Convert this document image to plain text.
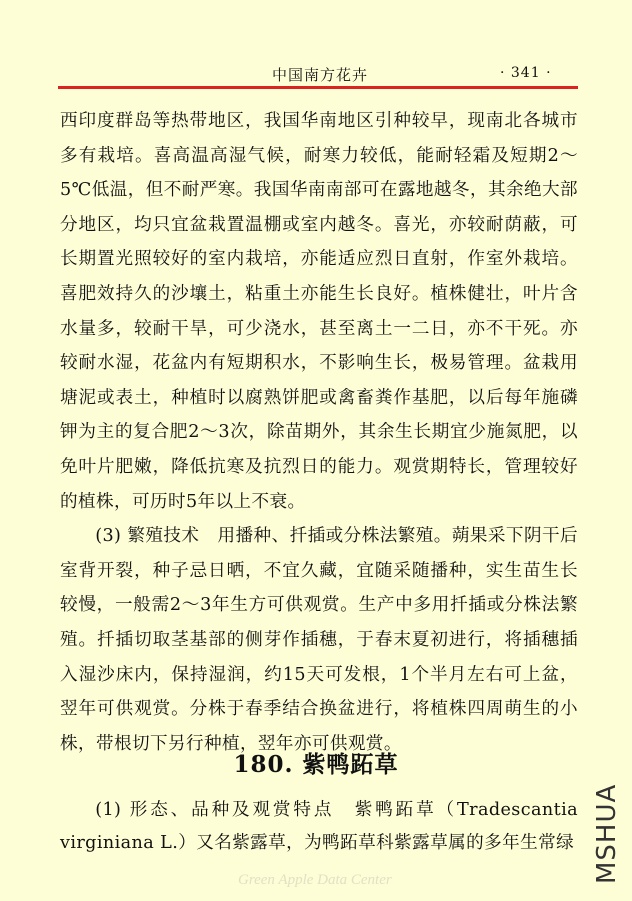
中国南方花卉	· 341 ·

西印度群岛等热带地区，我国华南地区引种较早，现南北各城市多有栽培。喜高温高湿气候，耐寒力较低，能耐轻霜及短期2～5℃低温，但不耐严寒。我国华南南部可在露地越冬，其余绝大部分地区，均只宜盆栽置温棚或室内越冬。喜光，亦较耐荫蔽，可长期置光照较好的室内栽培，亦能适应烈日直射，作室外栽培。喜肥效持久的沙壤土，粘重土亦能生长良好。植株健壮，叶片含水量多，较耐干旱，可少浇水，甚至离土一二日，亦不干死。亦较耐水湿，花盆内有短期积水，不影响生长，极易管理。盆栽用塘泥或表土，种植时以腐熟饼肥或禽畜粪作基肥，以后每年施磷钾为主的复合肥2～3次，除苗期外，其余生长期宜少施氮肥，以免叶片肥嫩，降低抗寒及抗烈日的能力。观赏期特长，管理较好的植株，可历时5年以上不衰。

(3) 繁殖技术　用播种、扦插或分株法繁殖。蒴果采下阴干后室背开裂，种子忌日晒，不宜久藏，宜随采随播种，实生苗生长较慢，一般需2～3年生方可供观赏。生产中多用扦插或分株法繁殖。扦插切取茎基部的侧芽作插穗，于春末夏初进行，将插穗插入湿沙床内，保持湿润，约15天可发根，1个半月左右可上盆，翌年可供观赏。分株于春季结合换盆进行，将植株四周萌生的小株，带根切下另行种植，翌年亦可供观赏。

180. 紫鸭跖草

(1) 形态、品种及观赏特点　紫鸭跖草（Tradescantia virginiana L.）又名紫露草，为鸭跖草科紫露草属的多年生常绿

Green Apple Data Center	MSHUA
